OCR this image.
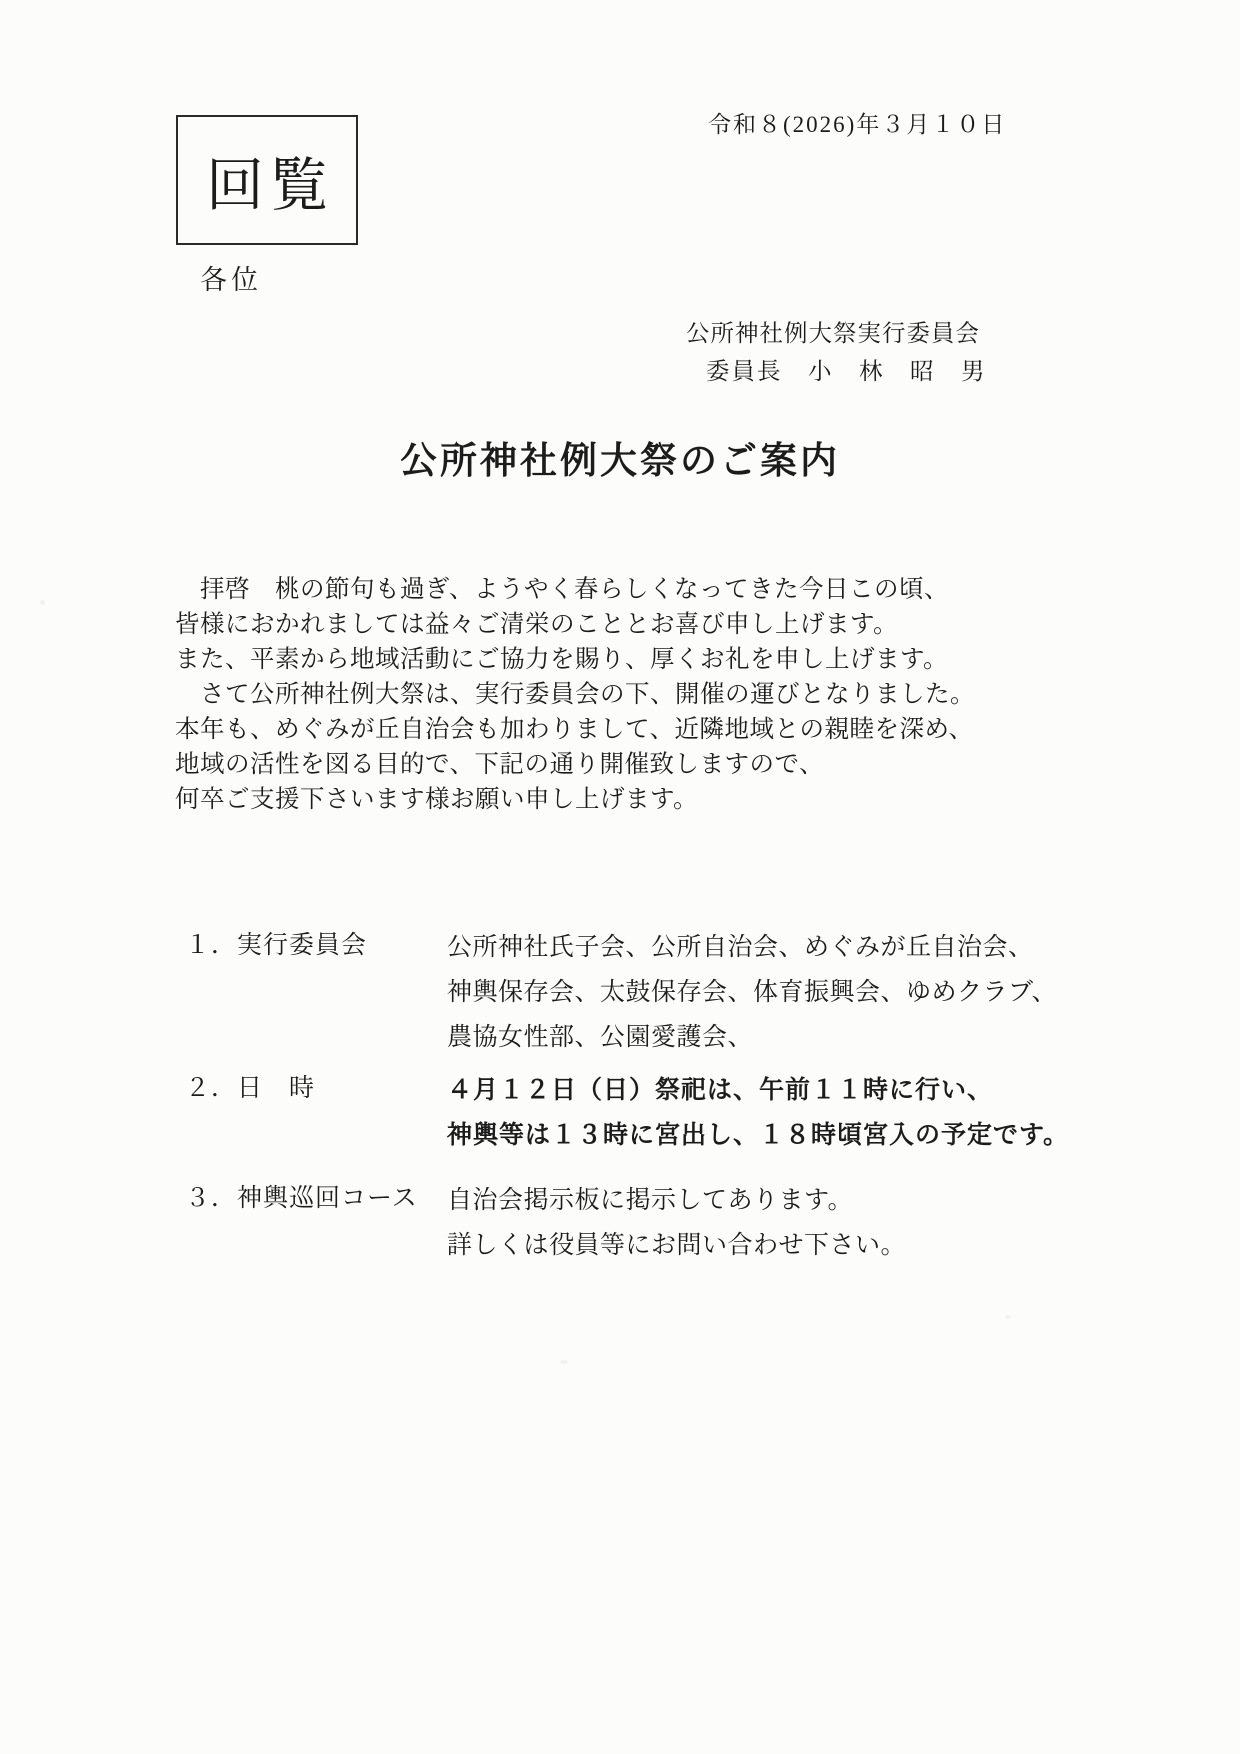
令和８(2026)年３月１０日
回覧
各位
公所神社例大祭実行委員会
委員長　小　林　昭　男
公所神社例大祭のご案内
　拝啓　桃の節句も過ぎ、ようやく春らしくなってきた今日この頃、
皆様におかれましては益々ご清栄のこととお喜び申し上げます。
また、平素から地域活動にご協力を賜り、厚くお礼を申し上げます。
　さて公所神社例大祭は、実行委員会の下、開催の運びとなりました。
本年も、めぐみが丘自治会も加わりまして、近隣地域との親睦を深め、
地域の活性を図る目的で、下記の通り開催致しますので、
何卒ご支援下さいます様お願い申し上げます。
１．実行委員会	公所神社氏子会、公所自治会、めぐみが丘自治会、
神輿保存会、太鼓保存会、体育振興会、ゆめクラブ、
農協女性部、公園愛護会、
２．日　時	４月１２日（日）祭祀は、午前１１時に行い、
神輿等は１３時に宮出し、１８時頃宮入の予定です。
３．神輿巡回コース 自治会掲示板に掲示してあります。
詳しくは役員等にお問い合わせ下さい。
